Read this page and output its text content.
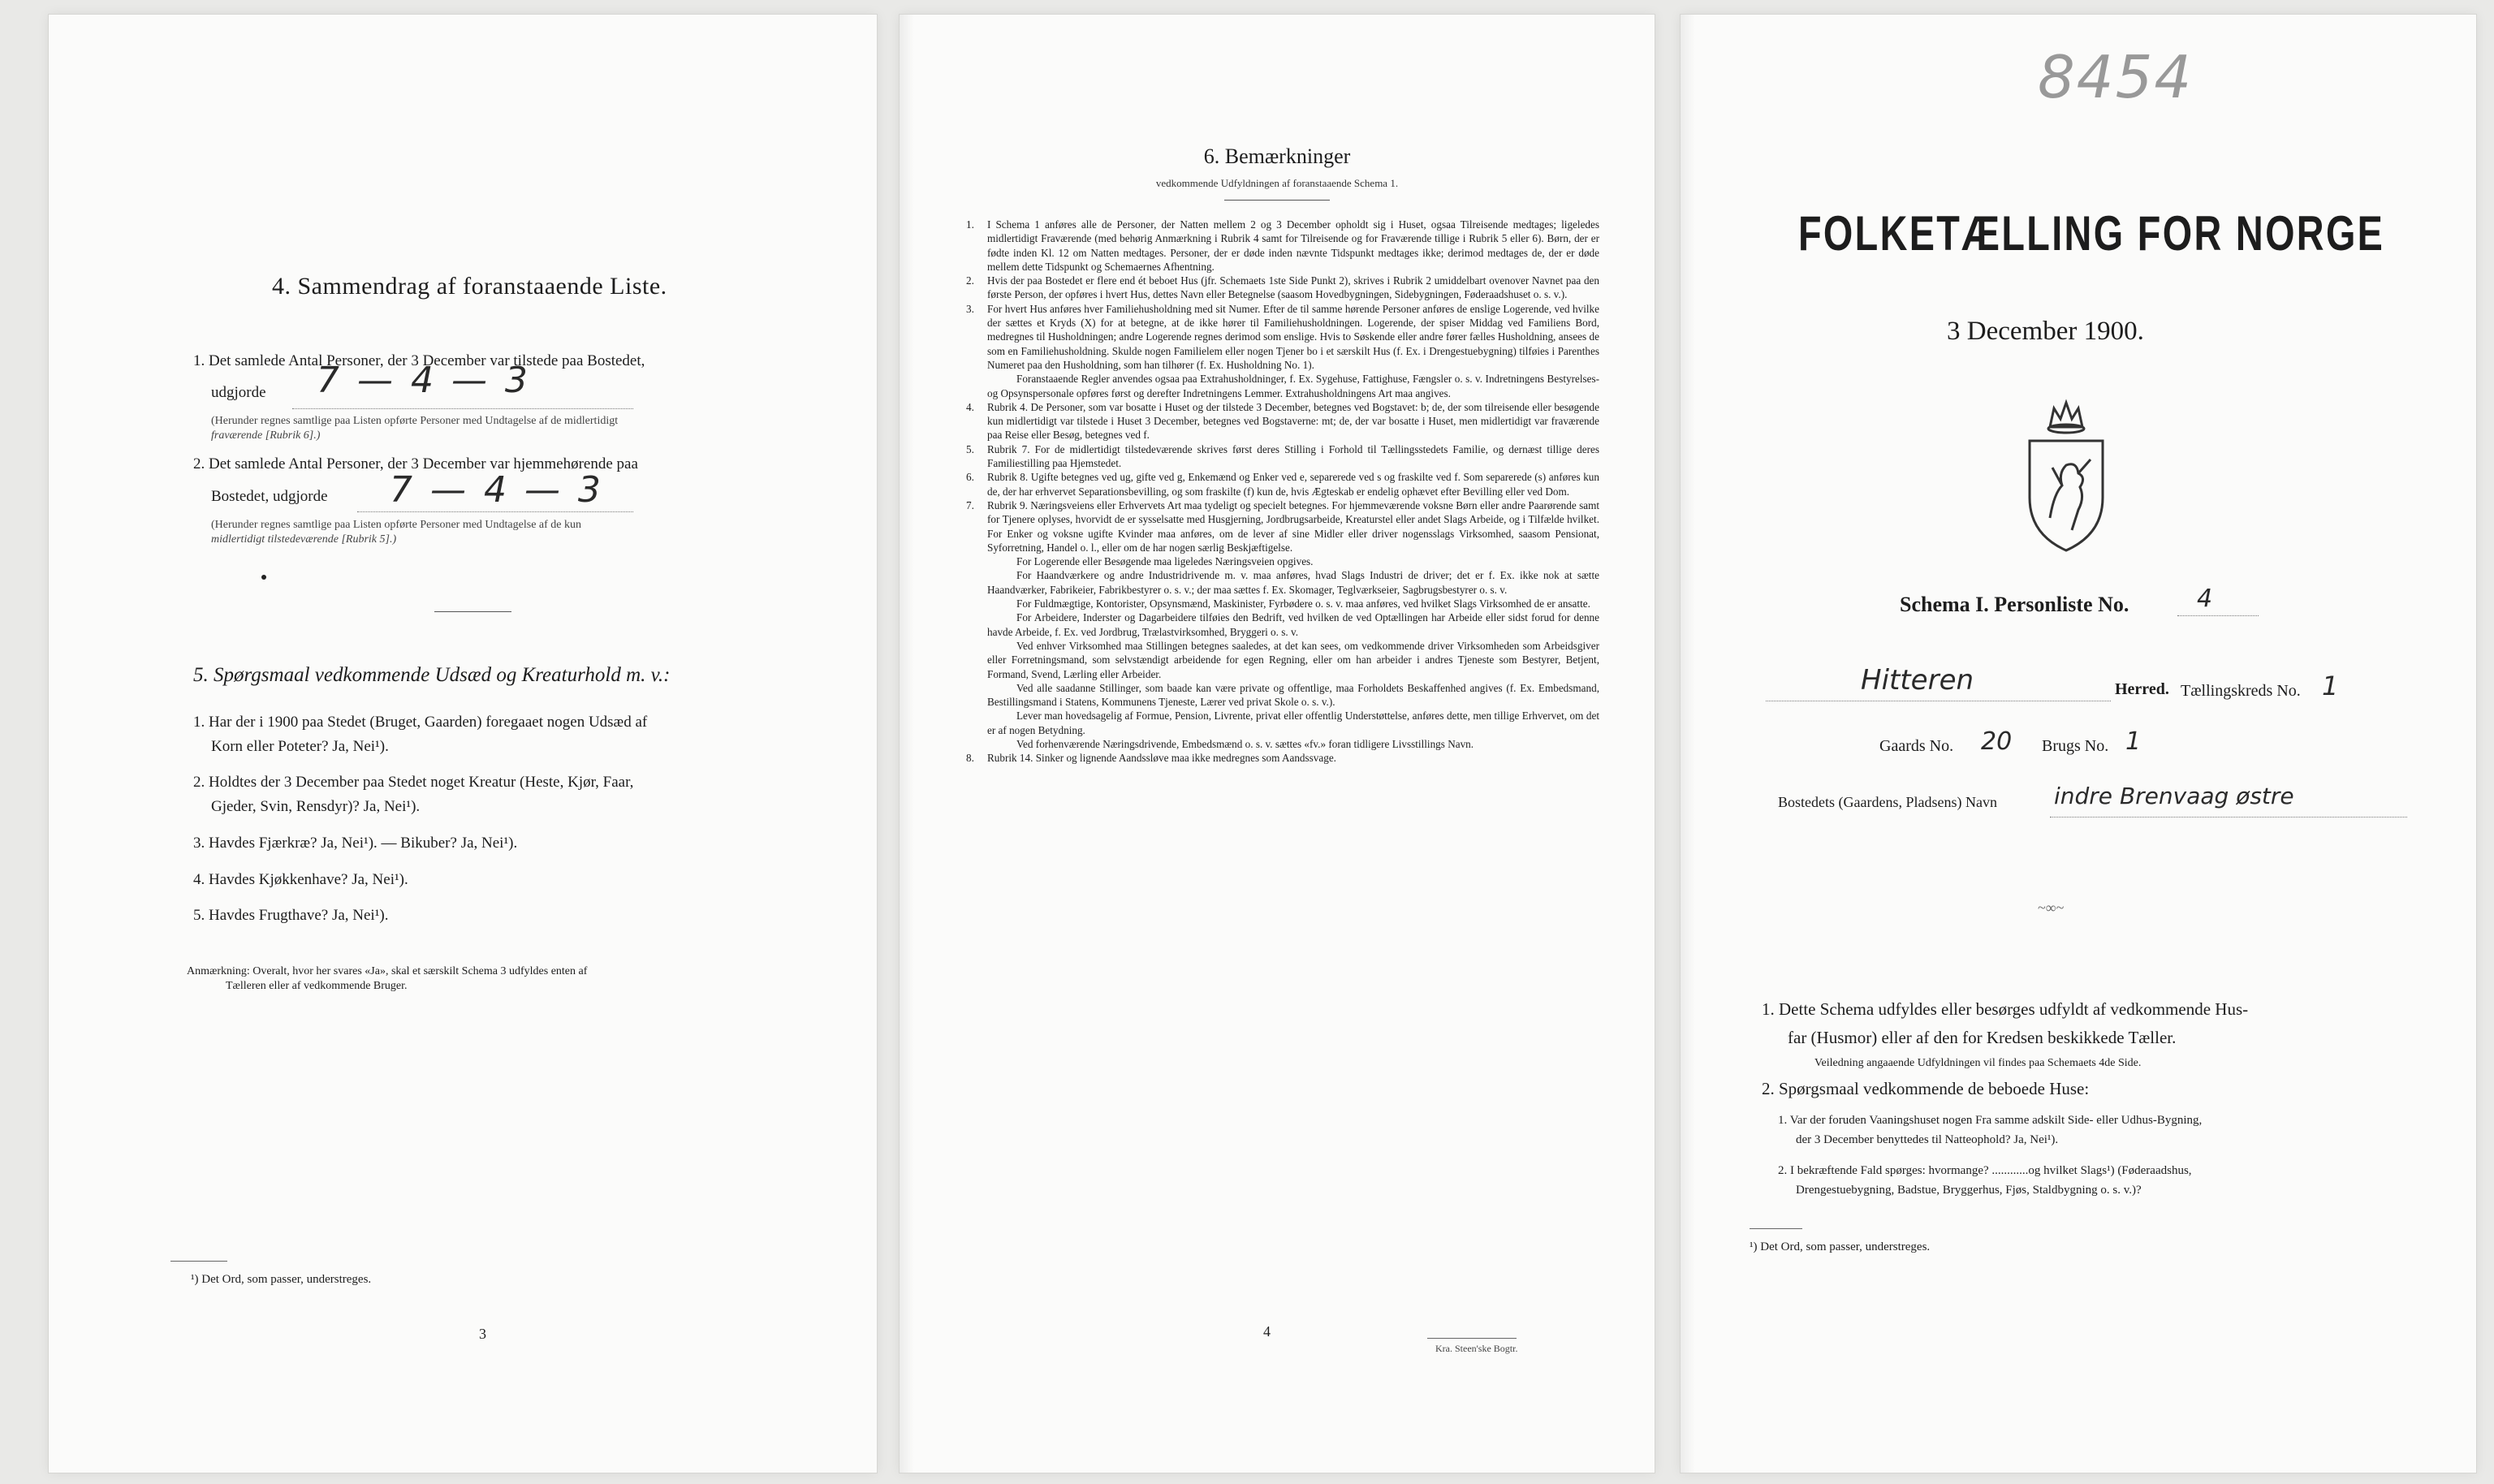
4. Sammendrag af foranstaaende Liste.
1. Det samlede Antal Personer, der 3 December var tilstede paa Bostedet,
udgjorde 7 — 4 — 3
(Herunder regnes samtlige paa Listen opførte Personer med Undtagelse af de midlertidigt
fraværende [Rubrik 6].)
2. Det samlede Antal Personer, der 3 December var hjemmehørende paa
Bostedet, udgjorde 7 — 4 — 3
(Herunder regnes samtlige paa Listen opførte Personer med Undtagelse af de kun
midlertidigt tilstedeværende [Rubrik 5].)
5. Spørgsmaal vedkommende Udsæd og Kreaturhold m. v.:
1. Har der i 1900 paa Stedet (Bruget, Gaarden) foregaaet nogen Udsæd af
Korn eller Poteter? Ja, Nei¹).
2. Holdtes der 3 December paa Stedet noget Kreatur (Heste, Kjør, Faar,
Gjeder, Svin, Rensdyr)? Ja, Nei¹).
3. Havdes Fjærkræ? Ja, Nei¹). — Bikuber? Ja, Nei¹).
4. Havdes Kjøkkenhave? Ja, Nei¹).
5. Havdes Frugthave? Ja, Nei¹).
Anmærkning: Overalt, hvor her svares «Ja», skal et særskilt Schema 3 udfyldes enten af
Tælleren eller af vedkommende Bruger.
¹) Det Ord, som passer, understreges.
3
6. Bemærkninger
vedkommende Udfyldningen af foranstaaende Schema 1.
1.	I Schema 1 anføres alle de Personer, der Natten mellem 2 og 3 December opholdt sig i Huset, ogsaa Tilreisende medtages; ligeledes midlertidigt Fraværende (med behørig Anmærkning i Rubrik 4 samt for Tilreisende og for Fraværende tillige i Rubrik 5 eller 6). Børn, der er fødte inden Kl. 12 om Natten medtages. Personer, der er døde inden nævnte Tidspunkt medtages ikke; derimod medtages de, der er døde mellem dette Tidspunkt og Schemaernes Afhentning.
2.	Hvis der paa Bostedet er flere end ét beboet Hus (jfr. Schemaets 1ste Side Punkt 2), skrives i Rubrik 2 umiddelbart ovenover Navnet paa den første Person, der opføres i hvert Hus, dettes Navn eller Betegnelse (saasom Hovedbygningen, Sidebygningen, Føderaadshuset o. s. v.).
3.	For hvert Hus anføres hver Familiehusholdning med sit Numer. Efter de til samme hørende Personer anføres de enslige Logerende, ved hvilke der sættes et Kryds (X) for at betegne, at de ikke hører til Familiehusholdningen. Logerende, der spiser Middag ved Familiens Bord, medregnes til Husholdningen; andre Logerende regnes derimod som enslige. Hvis to Søskende eller andre fører fælles Husholdning, ansees de som en Familiehusholdning. Skulde nogen Familielem eller nogen Tjener bo i et særskilt Hus (f. Ex. i Drengestuebygning) tilføies i Parenthes Numeret paa den Husholdning, som han tilhører (f. Ex. Husholdning No. 1).
Foranstaaende Regler anvendes ogsaa paa Extrahusholdninger, f. Ex. Sygehuse, Fattighuse, Fængsler o. s. v. Indretningens Bestyrelses- og Opsynspersonale opføres først og derefter Indretningens Lemmer. Extrahusholdningens Art maa angives.
4.	Rubrik 4. De Personer, som var bosatte i Huset og der tilstede 3 December, betegnes ved Bogstavet: b; de, der som tilreisende eller besøgende kun midlertidigt var tilstede i Huset 3 December, betegnes ved Bogstaverne: mt; de, der var bosatte i Huset, men midlertidigt var fraværende paa Reise eller Besøg, betegnes ved f.
5.	Rubrik 7. For de midlertidigt tilstedeværende skrives først deres Stilling i Forhold til Tællingsstedets Familie, og dernæst tillige deres Familiestilling paa Hjemstedet.
6.	Rubrik 8. Ugifte betegnes ved ug, gifte ved g, Enkemænd og Enker ved e, separerede ved s og fraskilte ved f. Som separerede (s) anføres kun de, der har erhvervet Separationsbevilling, og som fraskilte (f) kun de, hvis Ægteskab er endelig ophævet efter Bevilling eller ved Dom.
7.	Rubrik 9. Næringsveiens eller Erhvervets Art maa tydeligt og specielt betegnes. For hjemmeværende voksne Børn eller andre Paarørende samt for Tjenere oplyses, hvorvidt de er sysselsatte med Husgjerning, Jordbrugsarbeide, Kreaturstel eller andet Slags Arbeide, og i Tilfælde hvilket. For Enker og voksne ugifte Kvinder maa anføres, om de lever af sine Midler eller driver nogensslags Virksomhed, saasom Pensionat, Syforretning, Handel o. l., eller om de har nogen særlig Beskjæftigelse.
For Logerende eller Besøgende maa ligeledes Næringsveien opgives.
For Haandværkere og andre Industridrivende m. v. maa anføres, hvad Slags Industri de driver; det er f. Ex. ikke nok at sætte Haandværker, Fabrikeier, Fabrikbestyrer o. s. v.; der maa sættes f. Ex. Skomager, Teglværkseier, Sagbrugsbestyrer o. s. v.
For Fuldmægtige, Kontorister, Opsynsmænd, Maskinister, Fyrbødere o. s. v. maa anføres, ved hvilket Slags Virksomhed de er ansatte.
For Arbeidere, Inderster og Dagarbeidere tilføies den Bedrift, ved hvilken de ved Optællingen har Arbeide eller sidst forud for denne havde Arbeide, f. Ex. ved Jordbrug, Trælastvirksomhed, Bryggeri o. s. v.
Ved enhver Virksomhed maa Stillingen betegnes saaledes, at det kan sees, om vedkommende driver Virksomheden som Arbeidsgiver eller Forretningsmand, som selvstændigt arbeidende for egen Regning, eller om han arbeider i andres Tjeneste som Bestyrer, Betjent, Formand, Svend, Lærling eller Arbeider.
Ved alle saadanne Stillinger, som baade kan være private og offentlige, maa Forholdets Beskaffenhed angives (f. Ex. Embedsmand, Bestillingsmand i Statens, Kommunens Tjeneste, Lærer ved privat Skole o. s. v.).
Lever man hovedsagelig af Formue, Pension, Livrente, privat eller offentlig Understøttelse, anføres dette, men tillige Erhvervet, om det er af nogen Betydning.
Ved forhenværende Næringsdrivende, Embedsmænd o. s. v. sættes «fv.» foran tidligere Livsstillings Navn.
8.	Rubrik 14. Sinker og lignende Aandssløve maa ikke medregnes som Aandssvage.
4
Kra. Steen'ske Bogtr.
8454
FOLKETÆLLING FOR NORGE
3 December 1900.
Schema I. Personliste No.	4
Hitteren	Herred. Tællingskreds No. 1
Gaards No. 20 Brugs No. 1
Bostedets (Gaardens, Pladsens) Navn	indre Brenvaag østre
~∞~
1. Dette Schema udfyldes eller besørges udfyldt af vedkommende Hus-
far (Husmor) eller af den for Kredsen beskikkede Tæller.
Veiledning angaaende Udfyldningen vil findes paa Schemaets 4de Side.
2. Spørgsmaal vedkommende de beboede Huse:
1. Var der foruden Vaaningshuset nogen Fra samme adskilt Side- eller Udhus-Bygning,
der 3 December benyttedes til Natteophold? Ja, Nei¹).
2. I bekræftende Fald spørges: hvormange? ............og hvilket Slags¹) (Føderaadshus,
Drengestuebygning, Badstue, Bryggerhus, Fjøs, Staldbygning o. s. v.)?
¹) Det Ord, som passer, understreges.
